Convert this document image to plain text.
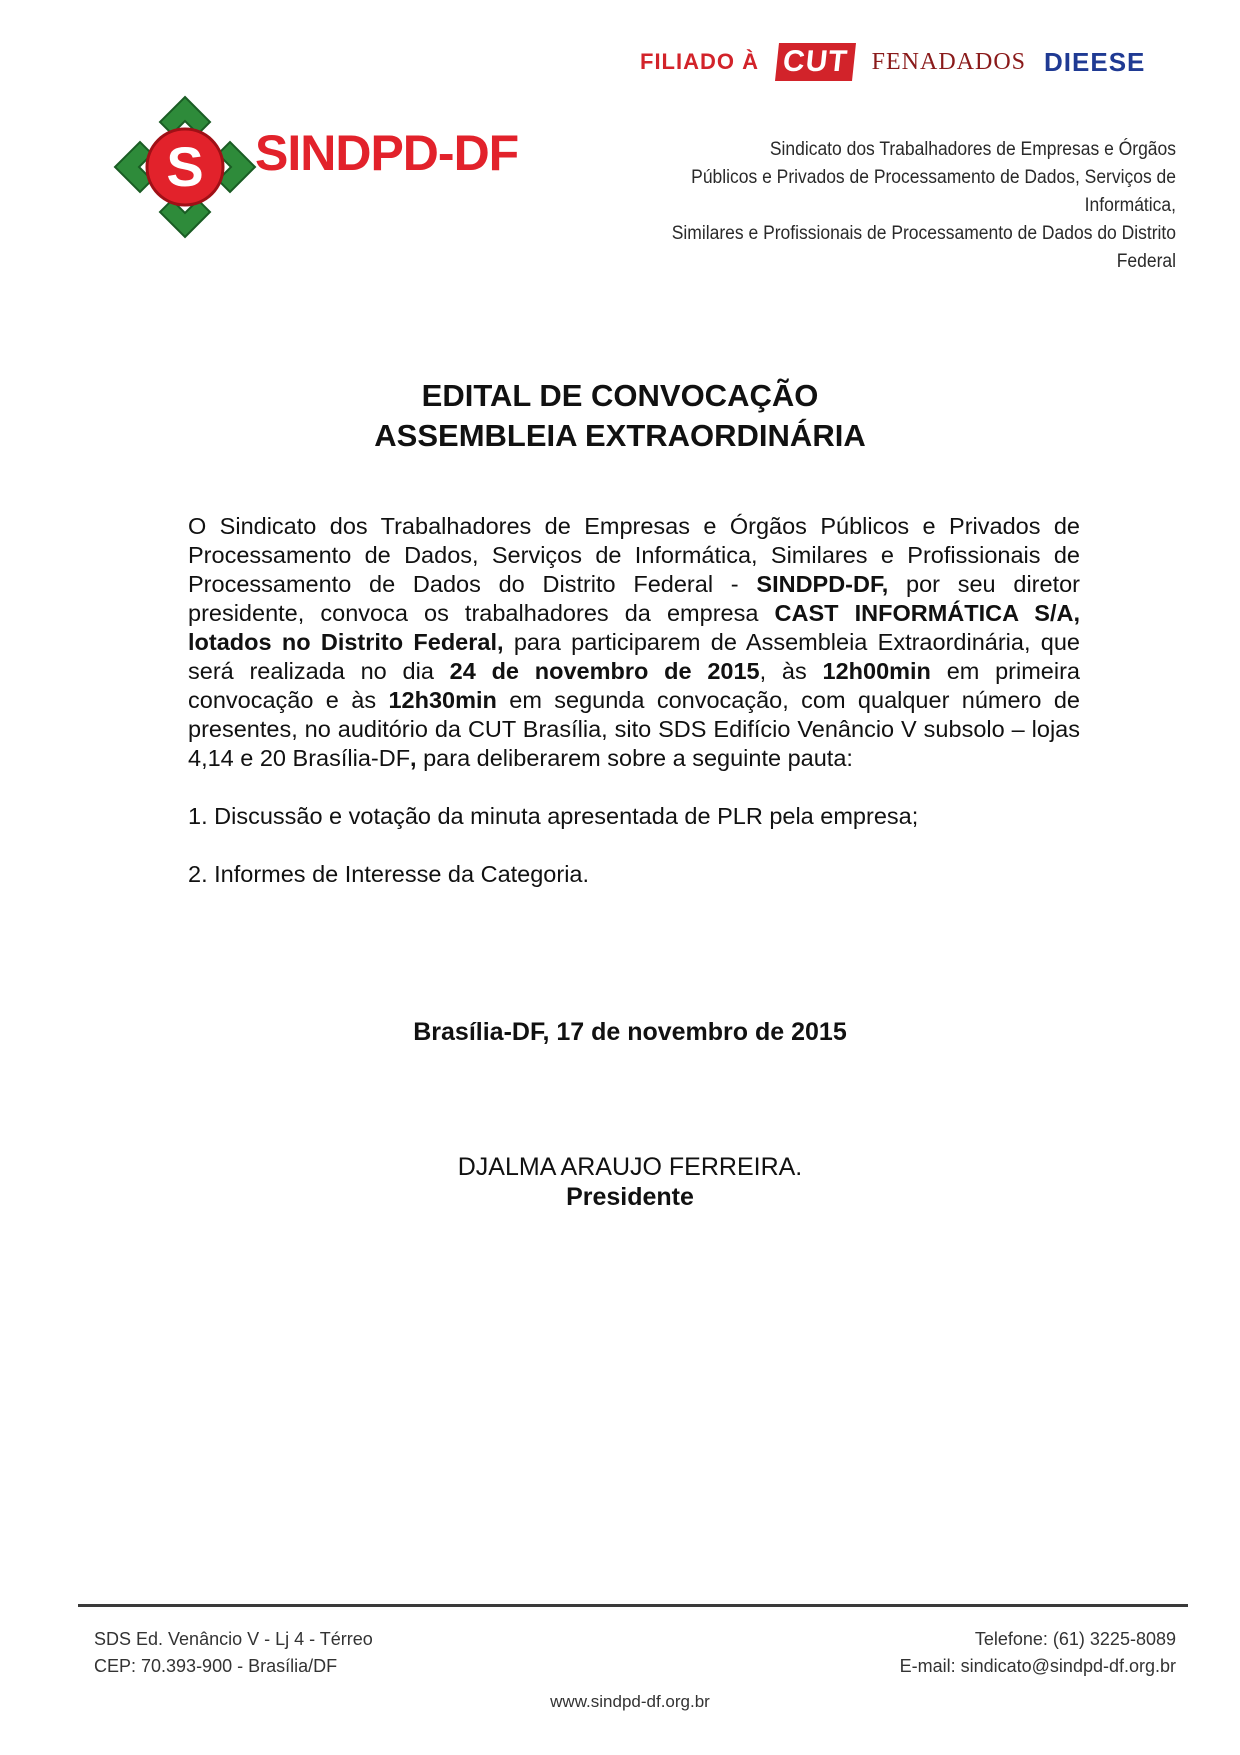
FILIADO À CUT FENADADOS DIEESE
S SINDPD-DF	Sindicato dos Trabalhadores de Empresas e Órgãos
Públicos e Privados de Processamento de Dados, Serviços de Informática,
Similares e Profissionais de Processamento de Dados do Distrito Federal
EDITAL DE CONVOCAÇÃO
ASSEMBLEIA EXTRAORDINÁRIA
O Sindicato dos Trabalhadores de Empresas e Órgãos Públicos e Privados de Processamento de Dados, Serviços de Informática, Similares e Profissionais de Processamento de Dados do Distrito Federal - SINDPD-DF, por seu diretor presidente, convoca os trabalhadores da empresa CAST INFORMÁTICA S/A, lotados no Distrito Federal, para participarem de Assembleia Extraordinária, que será realizada no dia 24 de novembro de 2015, às 12h00min em primeira convocação e às 12h30min em segunda convocação, com qualquer número de presentes, no auditório da CUT Brasília, sito SDS Edifício Venâncio V subsolo – lojas 4,14 e 20 Brasília-DF, para deliberarem sobre a seguinte pauta:
1. Discussão e votação da minuta apresentada de PLR pela empresa;
2. Informes de Interesse da Categoria.
Brasília-DF, 17 de novembro de 2015
DJALMA ARAUJO FERREIRA.
Presidente
SDS Ed. Venâncio V - Lj 4 - Térreo
CEP: 70.393-900 - Brasília/DF
Telefone: (61) 3225-8089
E-mail: sindicato@sindpd-df.org.br
www.sindpd-df.org.br
